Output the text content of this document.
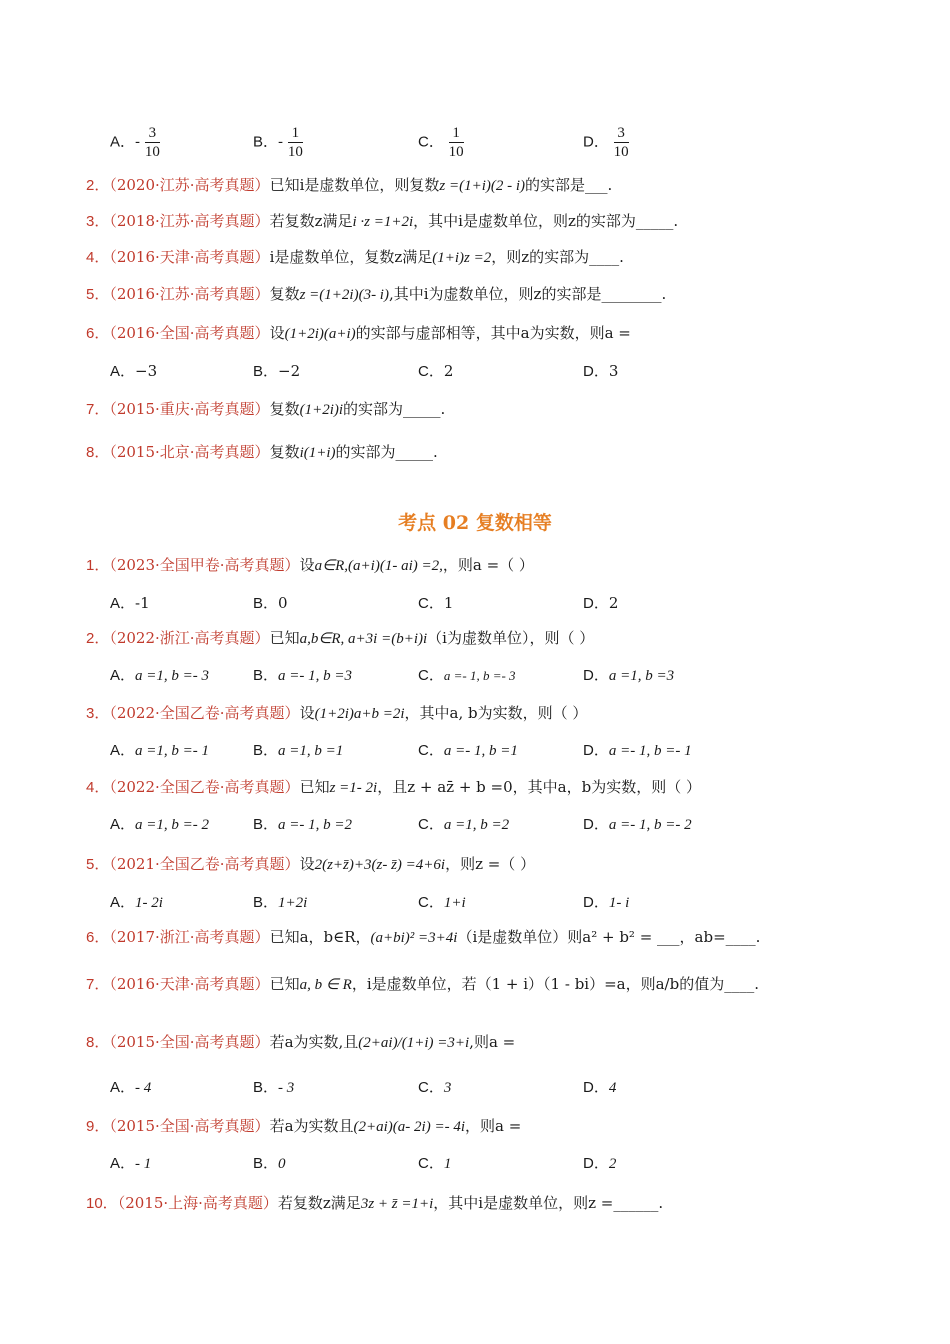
A．- $\frac{3}{10}$	B．- $\frac{1}{10}$	C． $\frac{1}{10}$	D． $\frac{3}{10}$
2．（2020·江苏·高考真题）已知i是虚数单位，则复数z =(1+i)(2 - i)的实部是___.
3．（2018·江苏·高考真题）若复数z满足i ·z =1+2i，其中i是虚数单位，则z的实部为_____.
4．（2016·天津·高考真题）i是虚数单位，复数z满足(1+i)z =2，则z的实部为____.
5．（2016·江苏·高考真题）复数z =(1+2i)(3- i),其中i为虚数单位，则z的实部是________.
6．（2016·全国·高考真题）设(1+2i)(a+i)的实部与虚部相等，其中a为实数，则a =
A．−3	B．−2	C．2	D．3
7．（2015·重庆·高考真题）复数(1+2i)i的实部为_____.
8．（2015·北京·高考真题）复数i(1+i)的实部为_____.
考点 02 复数相等
1．（2023·全国甲卷·高考真题）设a∈R,(a+i)(1- ai) =2,，则a =（ ）
A．-1	B．0	C．1	D．2
2．（2022·浙江·高考真题）已知a,b∈R, a+3i =(b+i)i（i为虚数单位），则（ ）
A．a =1, b =- 3	B．a =- 1, b =3	C．a =- 1, b =- 3	D．a =1, b =3
3．（2022·全国乙卷·高考真题）设(1+2i)a+b =2i，其中a, b为实数，则（ ）
A．a =1, b =- 1	B．a =1, b =1	C．a =- 1, b =1	D．a =- 1, b =- 1
4．（2022·全国乙卷·高考真题）已知z =1- 2i，且z + az̄ + b =0，其中a，b为实数，则（ ）
A．a =1, b =- 2	B．a =- 1, b =2	C．a =1, b =2	D．a =- 1, b =- 2
5．（2021·全国乙卷·高考真题）设2(z+z̄)+3(z- z̄) =4+6i，则z =（ ）
A．1- 2i	B．1+2i	C．1+i	D．1- i
6．（2017·浙江·高考真题）已知a，b∈R，(a+bi)² =3+4i（i是虚数单位）则a² + b² = ___，ab=____.
7．（2016·天津·高考真题）已知a, b ∈ R，i是虚数单位，若（1 + i）（1 - bi）=a，则a/b的值为____.
8．（2015·全国·高考真题）若a为实数,且(2+ai)/(1+i) =3+i,则a =
A．- 4	B．- 3	C．3	D．4
9．（2015·全国·高考真题）若a为实数且(2+ai)(a- 2i) =- 4i，则a =
A．- 1	B．0	C．1	D．2
10．（2015·上海·高考真题）若复数z满足3z + z̄ =1+i，其中i是虚数单位，则z =______.
